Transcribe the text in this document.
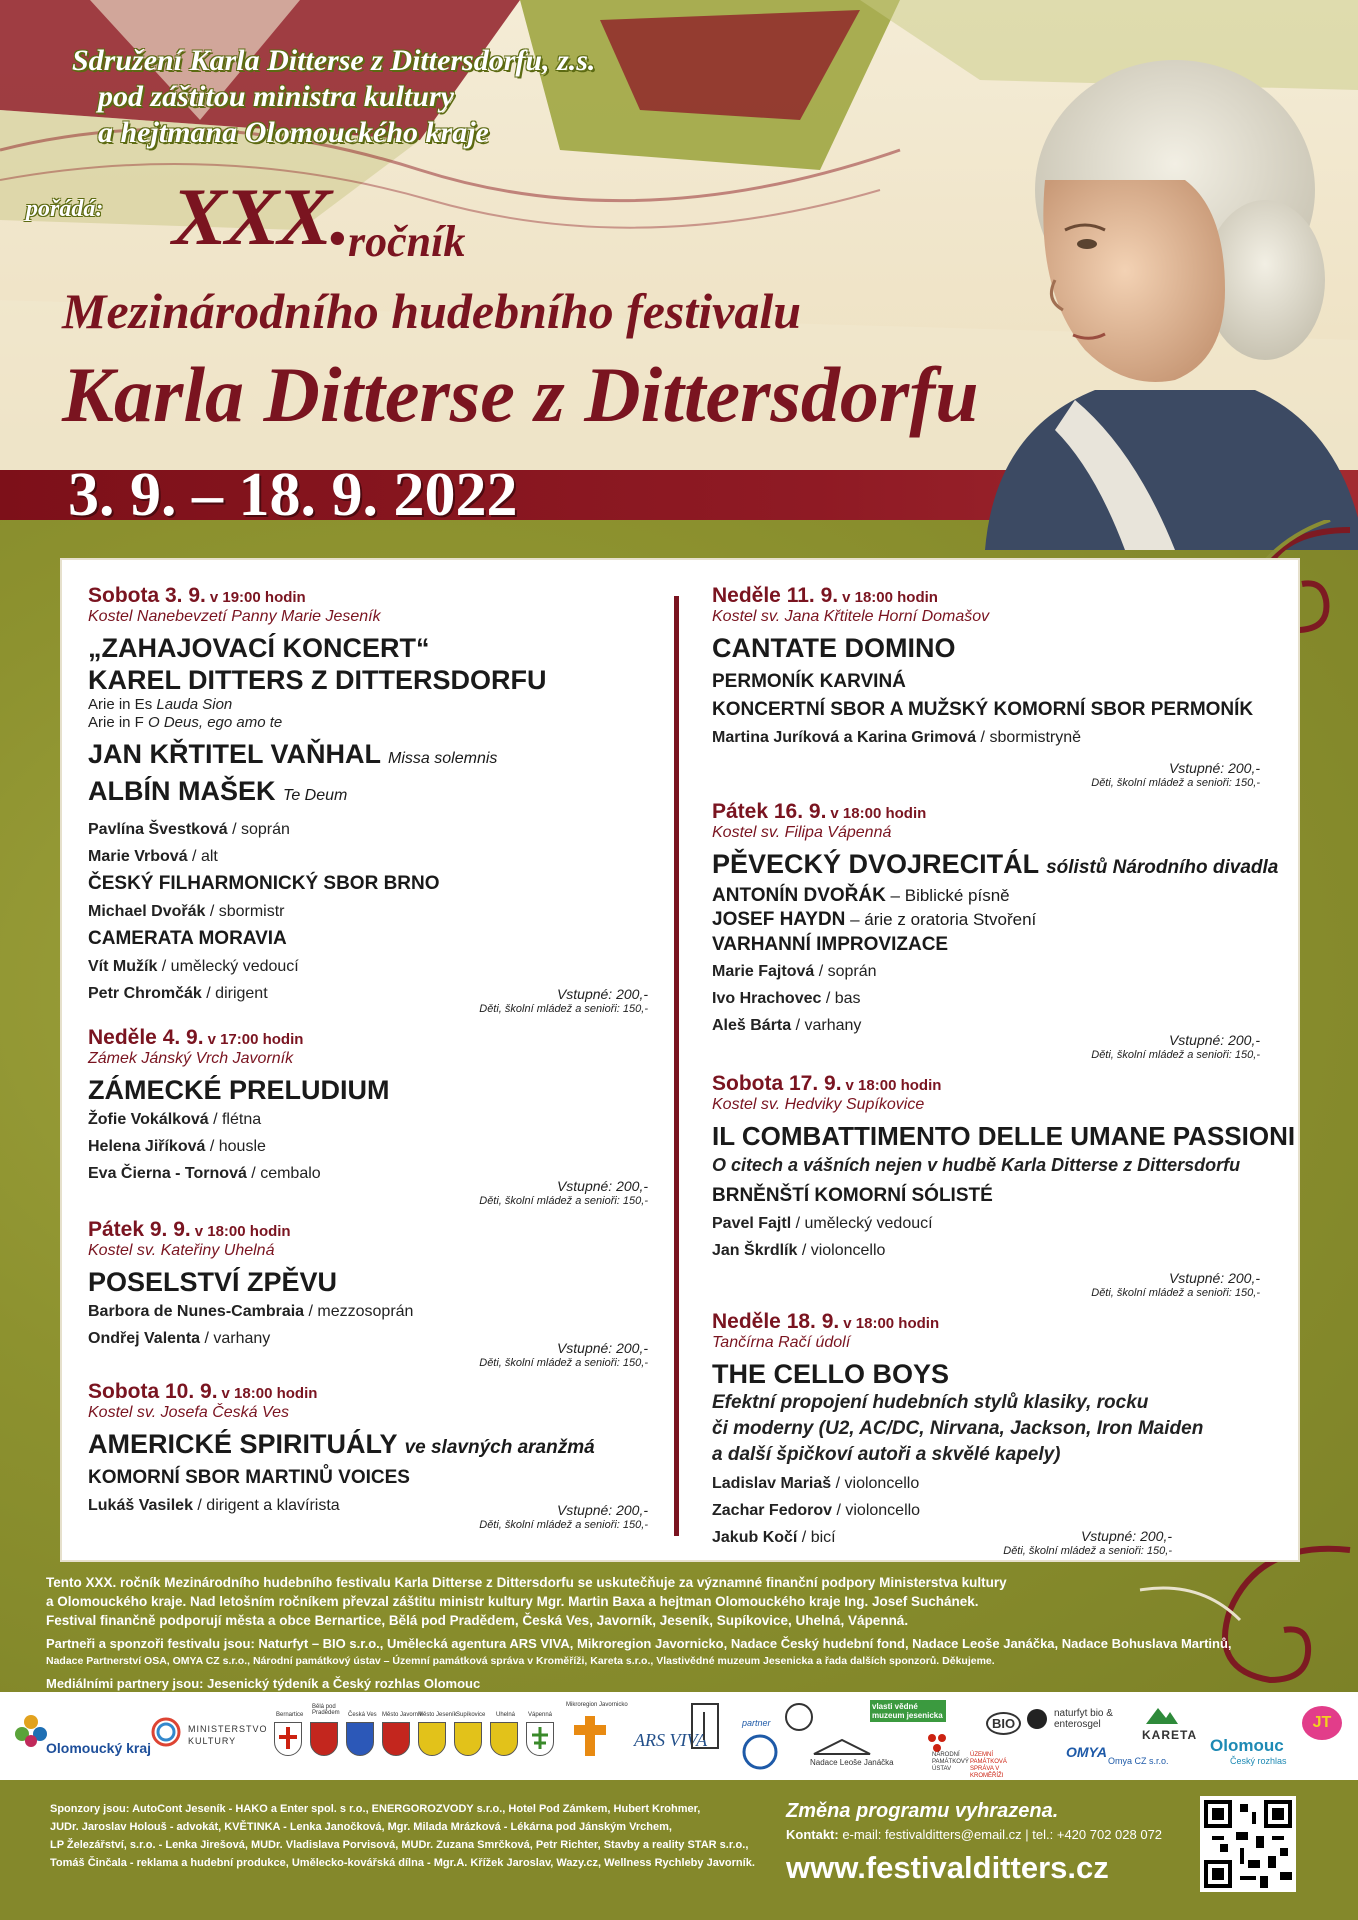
Sdružení Karla Ditterse z Dittersdorfu, z.s.
pod záštitou ministra kultury
a hejtmana Olomouckého kraje
pořádá: XXX. ročník
Mezinárodního hudebního festivalu
Karla Ditterse z Dittersdorfu
3. 9. – 18. 9. 2022
Sobota 3. 9. v 19:00 hodin
Kostel Nanebevzetí Panny Marie Jeseník
„ZAHAJOVACÍ KONCERT“
KAREL DITTERS Z DITTERSDORFU
Arie in Es Lauda Sion
Arie in F O Deus, ego amo te
JAN KŘTITEL VAŇHAL Missa solemnis
ALBÍN MAŠEK Te Deum
Pavlína Švestková / soprán
Marie Vrbová / alt
ČESKÝ FILHARMONICKÝ SBOR BRNO
Michael Dvořák / sbormistr
CAMERATA MORAVIA
Vít Mužík / umělecký vedoucí
Petr Chromčák / dirigent	Vstupné: 200,-
Děti, školní mládež a senioři: 150,-
Neděle 4. 9. v 17:00 hodin
Zámek Jánský Vrch Javorník
ZÁMECKÉ PRELUDIUM
Žofie Vokálková / flétna
Helena Jiříková / housle
Eva Čierna - Tornová / cembalo
Vstupné: 200,-
Děti, školní mládež a senioři: 150,-
Pátek 9. 9. v 18:00 hodin
Kostel sv. Kateřiny Uhelná
POSELSTVÍ ZPĚVU
Barbora de Nunes-Cambraia / mezzosoprán
Ondřej Valenta / varhany
Vstupné: 200,-
Děti, školní mládež a senioři: 150,-
Sobota 10. 9. v 18:00 hodin
Kostel sv. Josefa Česká Ves
AMERICKÉ SPIRITUÁLY ve slavných aranžmá
KOMORNÍ SBOR MARTINŮ VOICES
Lukáš Vasilek / dirigent a klavírista	Vstupné: 200,-
Děti, školní mládež a senioři: 150,-
Neděle 11. 9. v 18:00 hodin
Kostel sv. Jana Křtitele Horní Domašov
CANTATE DOMINO
PERMONÍK KARVINÁ
KONCERTNÍ SBOR A MUŽSKÝ KOMORNÍ SBOR PERMONÍK
Martina Juríková a Karina Grimová / sbormistryně
Vstupné: 200,-
Děti, školní mládež a senioři: 150,-
Pátek 16. 9. v 18:00 hodin
Kostel sv. Filipa Vápenná
PĚVECKÝ DVOJRECITÁL sólistů Národního divadla
ANTONÍN DVOŘÁK – Biblické písně
JOSEF HAYDN – árie z oratoria Stvoření
VARHANNÍ IMPROVIZACE
Marie Fajtová / soprán
Ivo Hrachovec / bas
Aleš Bárta / varhany
Vstupné: 200,-
Děti, školní mládež a senioři: 150,-
Sobota 17. 9. v 18:00 hodin
Kostel sv. Hedviky Supíkovice
IL COMBATTIMENTO DELLE UMANE PASSIONI
O citech a vášních nejen v hudbě Karla Ditterse z Dittersdorfu
BRNĚNŠTÍ KOMORNÍ SÓLISTÉ
Pavel Fajtl / umělecký vedoucí
Jan Škrdlík / violoncello
Vstupné: 200,-
Děti, školní mládež a senioři: 150,-
Neděle 18. 9. v 18:00 hodin
Tančírna Račí údolí
THE CELLO BOYS
Efektní propojení hudebních stylů klasiky, rocku
či moderny (U2, AC/DC, Nirvana, Jackson, Iron Maiden
a další špičkoví autoři a skvělé kapely)
Ladislav Mariaš / violoncello
Zachar Fedorov / violoncello
Jakub Kočí / bicí	Vstupné: 200,-
Děti, školní mládež a senioři: 150,-
Tento XXX. ročník Mezinárodního hudebního festivalu Karla Ditterse z Dittersdorfu se uskutečňuje za významné finanční podpory Ministerstva kultury
a Olomouckého kraje. Nad letošním ročníkem převzal záštitu ministr kultury Mgr. Martin Baxa a hejtman Olomouckého kraje Ing. Josef Suchánek.
Festival finančně podporují města a obce Bernartice, Bělá pod Pradědem, Česká Ves, Javorník, Jeseník, Supíkovice, Uhelná, Vápenná.
Partneři a sponzoři festivalu jsou: Naturfyt – BIO s.r.o., Umělecká agentura ARS VIVA, Mikroregion Javornicko, Nadace Český hudební fond, Nadace Leoše Janáčka, Nadace Bohuslava Martinů,
Nadace Partnerství OSA, OMYA CZ s.r.o., Národní památkový ústav – Územní památková správa v Kroměříži, Kareta s.r.o., Vlastivědné muzeum Jesenicka a řada dalších sponzorů. Děkujeme.
Mediálními partnery jsou: Jesenický týdeník a Český rozhlas Olomouc
Olomoucký kraj
MINISTERSTVO
KULTURY
Bernartice
Bělá pod Pradědem	Česká Ves Město Javorník
Město Jeseník Supíkovice Uhelná Vápenná
Mikroregion Javornicko
ARS VIVA
partner
Nadace Leoše Janáčka
vlasti vědné muzeum jesenicka
NÁRODNÍ PAMÁTKOVÝ ÚSTAV
ÚZEMNÍ PAMÁTKOVÁ SPRÁVA V KROMĚŘÍŽI
BIO
naturfyt bio & enterosgel
OMYA
Omya CZ s.r.o.
KARETA
Olomouc
Český rozhlas
JT
Sponzory jsou: AutoCont Jeseník - HAKO a Enter spol. s r.o., ENERGOROZVODY s.r.o., Hotel Pod Zámkem, Hubert Krohmer,
JUDr. Jaroslav Holouš - advokát, KVĚTINKA - Lenka Janočková, Mgr. Milada Mrázková - Lékárna pod Jánským Vrchem,
LP Železářství, s.r.o. - Lenka Jirešová, MUDr. Vladislava Porvisová, MUDr. Zuzana Smrčková, Petr Richter, Stavby a reality STAR s.r.o.,
Tomáš Činčala - reklama a hudební produkce, Umělecko-kovářská dílna - Mgr.A. Křížek Jaroslav, Wazy.cz, Wellness Rychleby Javorník.
Změna programu vyhrazena.
Kontakt: e-mail: festivalditters@email.cz | tel.: +420 702 028 072
www.festivalditters.cz
